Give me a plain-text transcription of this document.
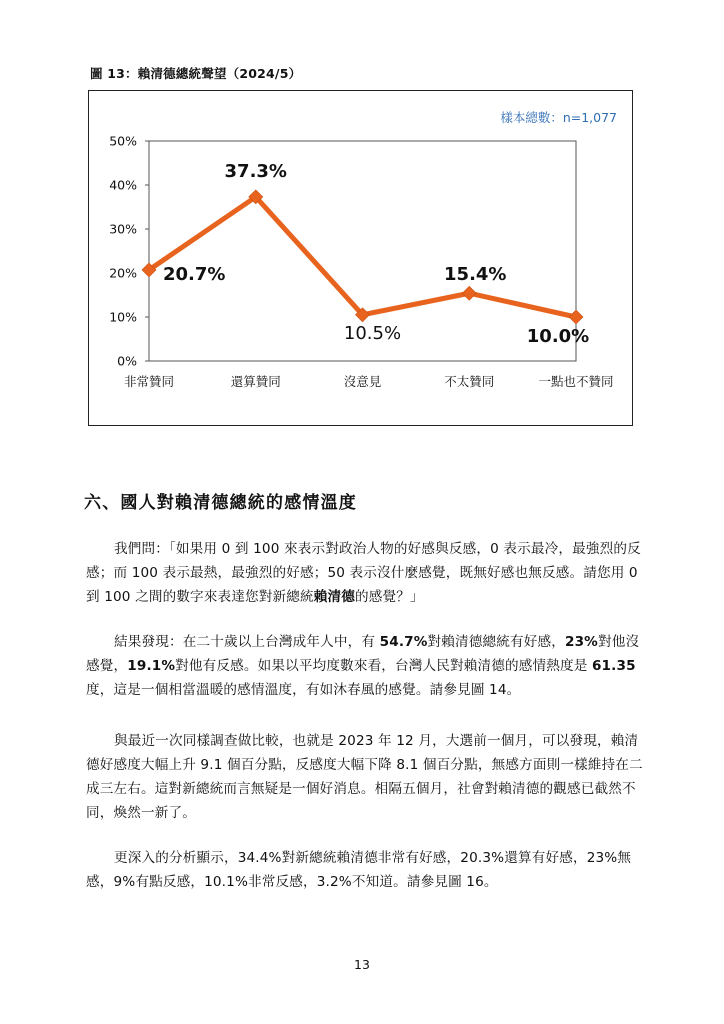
圖 13：賴清德總統聲望（2024/5）
樣本總數：n=1,077
0%
10%
20%
30%
40%
50%
非常贊同	還算贊同	沒意見	不太贊同	一點也不贊同
20.7%
37.3%
10.5%
15.4%
10.0%
六、國人對賴清德總統的感情溫度

我們問：「如果用 0 到 100 來表示對政治人物的好感與反感，0 表示最冷，最強烈的反感；而 100 表示最熱，最強烈的好感；50 表示沒什麼感覺，既無好感也無反感。請您用 0 到 100 之間的數字來表達您對新總統賴清德的感覺？」

結果發現：在二十歲以上台灣成年人中，有 54.7%對賴清德總統有好感，23%對他沒感覺，19.1%對他有反感。如果以平均度數來看，台灣人民對賴清德的感情熱度是 61.35 度，這是一個相當溫暖的感情溫度，有如沐春風的感覺。請參見圖 14。

與最近一次同樣調查做比較，也就是 2023 年 12 月，大選前一個月，可以發現，賴清德好感度大幅上升 9.1 個百分點，反感度大幅下降 8.1 個百分點，無感方面則一樣維持在二成三左右。這對新總統而言無疑是一個好消息。相隔五個月，社會對賴清德的觀感已截然不同，煥然一新了。

更深入的分析顯示，34.4%對新總統賴清德非常有好感，20.3%還算有好感，23%無感，9%有點反感，10.1%非常反感，3.2%不知道。請參見圖 16。

13
